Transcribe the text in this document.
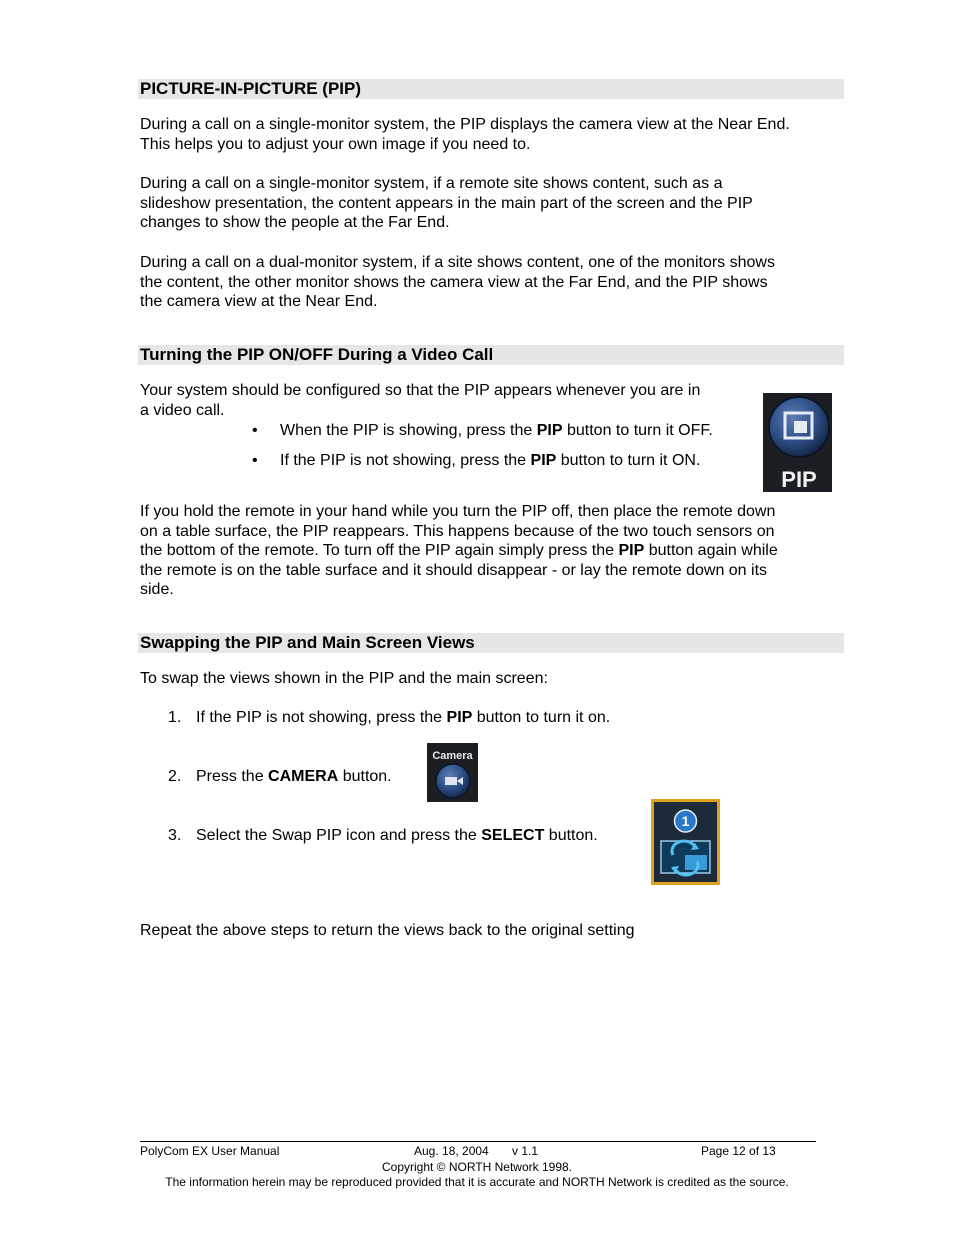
PICTURE-IN-PICTURE (PIP)
During a call on a single-monitor system, the PIP displays the camera view at the Near End.
This helps you to adjust your own image if you need to.
During a call on a single-monitor system, if a remote site shows content, such as a
slideshow presentation, the content appears in the main part of the screen and the PIP
changes to show the people at the Far End.
During a call on a dual-monitor system, if a site shows content, one of the monitors shows
the content, the other monitor shows the camera view at the Far End, and the PIP shows
the camera view at the Near End.
Turning the PIP ON/OFF During a Video Call
Your system should be configured so that the PIP appears whenever you are in
a video call.
• When the PIP is showing, press the PIP button to turn it OFF.
• If the PIP is not showing, press the PIP button to turn it ON.
PIP
If you hold the remote in your hand while you turn the PIP off, then place the remote down
on a table surface, the PIP reappears. This happens because of the two touch sensors on
the bottom of the remote. To turn off the PIP again simply press the PIP button again while
the remote is on the table surface and it should disappear - or lay the remote down on its
side.
Swapping the PIP and Main Screen Views
To swap the views shown in the PIP and the main screen:
1. If the PIP is not showing, press the PIP button to turn it on.
2. Press the CAMERA button.
Camera
3. Select the Swap PIP icon and press the SELECT button.
1
Repeat the above steps to return the views back to the original setting
PolyCom EX User Manual	Aug. 18, 2004 v 1.1	Page 12 of 13
Copyright © NORTH Network 1998.
The information herein may be reproduced provided that it is accurate and NORTH Network is credited as the source.
